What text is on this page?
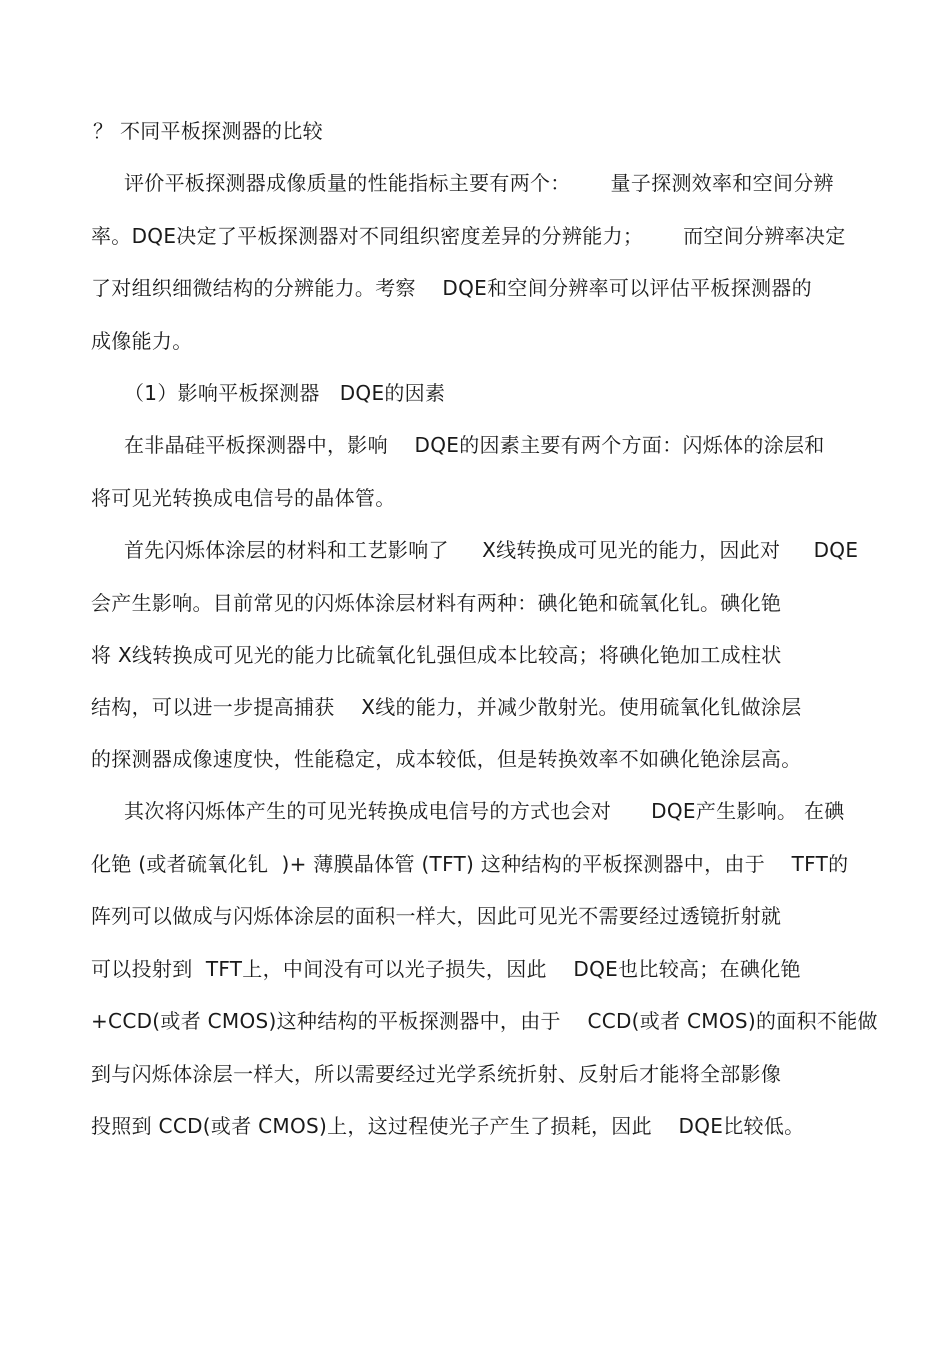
？ 不同平板探测器的比较
评价平板探测器成像质量的性能指标主要有两个：      量子探测效率和空间分辨
率。DQE决定了平板探测器对不同组织密度差异的分辨能力；      而空间分辨率决定
了对组织细微结构的分辨能力。考察    DQE和空间分辨率可以评估平板探测器的
成像能力。
（1）影响平板探测器   DQE的因素
在非晶硅平板探测器中，影响    DQE的因素主要有两个方面：闪烁体的涂层和
将可见光转换成电信号的晶体管。
首先闪烁体涂层的材料和工艺影响了     X线转换成可见光的能力，因此对     DQE
会产生影响。目前常见的闪烁体涂层材料有两种：碘化铯和硫氧化钆。碘化铯
将 X线转换成可见光的能力比硫氧化钆强但成本比较高；将碘化铯加工成柱状
结构，可以进一步提高捕获    X线的能力，并减少散射光。使用硫氧化钆做涂层
的探测器成像速度快，性能稳定，成本较低，但是转换效率不如碘化铯涂层高。
其次将闪烁体产生的可见光转换成电信号的方式也会对      DQE产生影响。 在碘
化铯 (或者硫氧化钆  )+ 薄膜晶体管 (TFT) 这种结构的平板探测器中，由于    TFT的
阵列可以做成与闪烁体涂层的面积一样大，因此可见光不需要经过透镜折射就
可以投射到  TFT上，中间没有可以光子损失，因此    DQE也比较高；在碘化铯
+CCD(或者 CMOS)这种结构的平板探测器中，由于    CCD(或者 CMOS)的面积不能做
到与闪烁体涂层一样大，所以需要经过光学系统折射、反射后才能将全部影像
投照到 CCD(或者 CMOS)上，这过程使光子产生了损耗，因此    DQE比较低。
